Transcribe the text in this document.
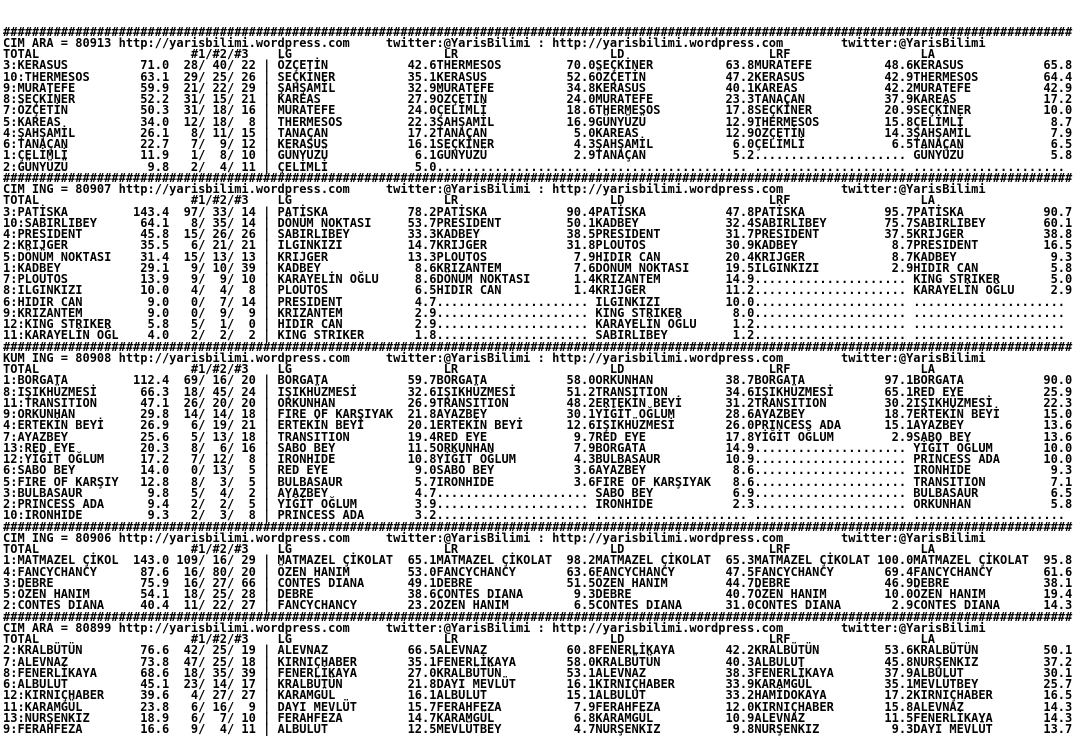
####################################################################################################################################################
CIM ARA = 80913 http://yarisbilimi.wordpress.com     twitter:@YarisBilimi : http://yarisbilimi.wordpress.com        twitter:@YarisBilimi
TOTAL                     #1/#2/#3    LG                     LR                     LD                    LRF                  LA
3:KERASUS          71.0  28/ 40/ 22 | ÖZÇETİN           42.6THERMESOS         70.0SEÇKİNER          63.8MURATEFE          48.6KERASUS           65.8
10:THERMESOS       63.1  29/ 25/ 26 | SEÇKİNER          35.1KERASUS           52.6ÖZÇETİN           47.2KERASUS           42.9THERMESOS         64.4
9:MURATEFE         59.9  21/ 22/ 29 | ŞAHŞAMİL          32.9MURATEFE          34.8KERASUS           40.1KAREAS            42.2MURATEFE          42.9
8:SEÇKİNER         52.2  31/ 15/ 21 | KAREAS            27.9ÖZÇETİN           24.0MURATEFE          23.3TANAÇAN           37.9KAREAS            17.2
7:ÖZÇETİN          50.3  31/ 18/ 16 | MURATEFE          24.0ÇELİMLİ           18.6THERMESOS         17.8SEÇKİNER          20.9SEÇKİNER          10.0
5:KAREAS           34.0  12/ 18/  8 | THERMESOS         22.3ŞAHŞAMİL          16.9GÜNYÜZÜ           12.9THERMESOS         15.8ÇELİMLİ            8.7
4:ŞAHŞAMİL         26.1   8/ 11/ 15 | TANAÇAN           17.2TANAÇAN            5.0KAREAS            12.9ÖZÇETİN           14.3ŞAHŞAMİL           7.9
6:TANAÇAN          22.7   7/  9/ 12 | KERASUS           16.1SEÇKİNER           4.3ŞAHŞAMİL           6.0ÇELİMLİ            6.5TANAÇAN            6.5
1:ÇELİMLİ          11.9   1/  8/ 10 | GÜNYÜZÜ            6.1GÜNYÜZÜ            2.9TANAÇAN            5.2..................... GÜNYÜZÜ            5.8
2:GÜNYÜZÜ           9.8   2/  4/ 11 | ÇELİMLİ            5.0..................... ..................... ..................... .....................
####################################################################################################################################################
CIM ING = 80907 http://yarisbilimi.wordpress.com     twitter:@YarisBilimi : http://yarisbilimi.wordpress.com        twitter:@YarisBilimi
TOTAL                     #1/#2/#3    LG                     LR                     LD                    LRF                  LA
3:PATİSKA         143.4  97/ 33/ 14 | PATİSKA           78.2PATİSKA           90.4PATİSKA           47.8PATİSKA           95.7PATİSKA           90.7
10:SABIRLIBEY      64.1   8/ 35/ 14 | DÖNÜM NOKTASI     53.7PRESIDENT         50.1KADBEY            32.4SABIRLIBEY        75.7SABIRLIBEY        60.1
4:PRESIDENT        45.8  15/ 26/ 26 | SABIRLIBEY        33.3KADBEY            38.5PRESIDENT         31.7PRESIDENT         37.5KRIJGER           38.8
2:KRIJGER          35.5   6/ 21/ 21 | ILGINKIZI         14.7KRIJGER           31.8PLOUTOS           30.9KADBEY             8.7PRESIDENT         16.5
5:DÖNÜM NOKTASI    31.4  15/ 13/ 13 | KRIJGER           13.3PLOUTOS            7.9HIDIR CAN         20.4KRIJGER            8.7KADBEY             9.3
1:KADBEY           29.1   9/ 10/ 39 | KADBEY             8.6KRIZANTEM          7.6DÖNÜM NOKTASI     19.5ILGINKIZI          2.9HIDIR CAN          5.8
7:PLOUTOS          13.9   9/  9/ 10 | KARAYELİN OĞLU     8.6DÖNÜM NOKTASI      1.4KRIZANTEM         14.9..................... KING STRIKER       5.0
8:ILGINKIZI        10.0   4/  4/  8 | PLOUTOS            6.5HIDIR CAN          1.4KRIJGER           11.2..................... KARAYELİN OĞLU     2.9
6:HIDIR CAN         9.0   0/  7/ 14 | PRESIDENT          4.7..................... ILGINKIZI         10.0..................... .....................
9:KRIZANTEM         9.0   0/  9/  9 | KRIZANTEM          2.9..................... KING STRIKER       8.0..................... .....................
12:KING STRIKER     5.8   5/  1/  0 | HIDIR CAN          2.9..................... KARAYELİN OĞLU     1.2..................... .....................
11:KARAYELİN OĞL    4.0   2/  2/  2 | KING STRIKER       1.8..................... SABIRLIBEY         1.2..................... .....................
####################################################################################################################################################
KUM ING = 80908 http://yarisbilimi.wordpress.com     twitter:@YarisBilimi : http://yarisbilimi.wordpress.com        twitter:@YarisBilimi
TOTAL                     #1/#2/#3    LG                     LR                     LD                    LRF                  LA
1:BORGATA         112.4  69/ 16/ 20 | BORGATA           59.7BORGATA           58.0ORKUNHAN          38.7BORGATA           97.1BORGATA           90.0
8:IŞIKHÜZMESİ      66.3  18/ 45/ 24 | IŞIKHÜZMESİ       32.6IŞIKHÜZMESİ       51.2TRANSITION        34.6IŞIKHÜZMESİ       65.1RED EYE           25.9
11:TRANSITION      47.1  26/ 20/ 20 | ORKUNHAN          26.9TRANSITION        48.2ERTEKİN BEYİ      31.2TRANSITION        30.2IŞIKHÜZMESİ       22.3
9:ORKUNHAN         29.8  14/ 14/ 18 | FIRE OF KARŞIYAK  21.8AYAZBEY           30.1YİĞİT OĞLUM       28.6AYAZBEY           18.7ERTEKİN BEYİ      15.0
4:ERTEKİN BEYİ     26.9   6/ 19/ 21 | ERTEKİN BEYİ      20.1ERTEKİN BEYİ      12.6IŞIKHÜZMESİ       26.0PRINCESS ADA      15.1AYAZBEY           13.6
7:AYAZBEY          25.6   5/ 13/ 18 | TRANSITION        19.4RED EYE            9.7RED EYE           17.8YİĞİT OĞLUM        2.9SABO BEY          13.6
13:RED EYE         20.3   8/  6/ 16 | SABO BEY          11.5ORKUNHAN           7.9BORGATA           14.9..................... YİĞİT OĞLUM       10.0
12:YİĞİT OĞLUM     17.2   7/ 12/  8 | IRONHIDE          10.8YİĞİT OĞLUM        4.3BULBASAUR         10.9..................... PRINCESS ADA      10.0
6:SABO BEY         14.0   0/ 13/  5 | RED EYE            9.0SABO BEY           3.6AYAZBEY            8.6..................... IRONHIDE           9.3
5:FIRE OF KARŞIY   12.8   8/  3/  5 | BULBASAUR          5.7IRONHIDE           3.6FIRE OF KARŞIYAK   8.6..................... TRANSITION         7.1
3:BULBASAUR         9.8   5/  4/  2 | AYAZBEY            4.7..................... SABO BEY           6.9..................... BULBASAUR          6.5
2:PRINCESS ADA      9.4   2/  2/  5 | YİĞİT OĞLUM        3.9..................... IRONHIDE           2.3..................... ORKUNHAN           5.8
10:IRONHIDE         9.3   2/  3/  8 | PRINCESS ADA       3.2..................... ..................... ..................... .....................
####################################################################################################################################################
CIM ING = 80906 http://yarisbilimi.wordpress.com     twitter:@YarisBilimi : http://yarisbilimi.wordpress.com        twitter:@YarisBilimi
TOTAL                     #1/#2/#3    LG                     LR                     LD                    LRF                  LA
1:MATMAZEL ÇİKOL  143.0 109/ 16/ 29 | MATMAZEL ÇİKOLAT  65.1MATMAZEL ÇİKOLAT  98.2MATMAZEL ÇİKOLAT  65.3MATMAZEL ÇİKOLAT 100.0MATMAZEL ÇİKOLAT  95.8
4:FANCYCHANCY      87.6  16/ 80/ 20 | ÖZEN HANIM        53.0FANCYCHANCY       63.6FANCYCHANCY       47.5FANCYCHANCY       69.4FANCYCHANCY       61.6
3:DEBRE            75.9  16/ 27/ 66 | CONTES DIANA      49.1DEBRE             51.5ÖZEN HANIM        44.7DEBRE             46.9DEBRE             38.1
5:ÖZEN HANIM       54.1  18/ 25/ 28 | DEBRE             38.6CONTES DIANA       9.3DEBRE             40.7ÖZEN HANIM        10.0ÖZEN HANIM        19.4
2:CONTES DIANA     40.4  11/ 22/ 27 | FANCYCHANCY       23.2ÖZEN HANIM         6.5CONTES DIANA      31.0CONTES DIANA       2.9CONTES DIANA      14.3
####################################################################################################################################################
CIM ARA = 80899 http://yarisbilimi.wordpress.com     twitter:@YarisBilimi : http://yarisbilimi.wordpress.com        twitter:@YarisBilimi
TOTAL                     #1/#2/#3    LG                     LR                     LD                    LRF                  LA
2:KRALBÜTÜN        76.6  42/ 25/ 19 | ALEVNAZ           66.5ALEVNAZ           60.8FENERLİKAYA       42.2KRALBÜTÜN         53.6KRALBÜTÜN         50.1
7:ALEVNAZ          73.8  47/ 25/ 18 | KIRNIÇHABER       35.1FENERLİKAYA       58.0KRALBÜTÜN         40.3ALBULUT           45.8NURŞENKIZ         37.2
8:FENERLİKAYA      68.6  18/ 35/ 39 | FENERLİKAYA       27.0KRALBÜTÜN         53.1ALEVNAZ           38.3FENERLİKAYA       37.9ALBULUT           30.1
6:ALBULUT          45.1  23/ 14/ 17 | KRALBÜTÜN         21.8DAYI MEVLÜT       16.1KIRNIÇHABER       33.9KARAMGÜL          35.1MEVLÜTBEY         25.7
12:KIRNIÇHABER     39.6   4/ 27/ 27 | KARAMGÜL          16.1ALBULUT           15.1ALBULUT           33.2HAMİDOKAYA        17.2KIRNIÇHABER       16.5
11:KARAMGÜL        23.8   6/ 16/  9 | DAYI MEVLÜT       15.7FERAHFEZA          7.9FERAHFEZA         12.0KIRNIÇHABER       15.8ALEVNAZ           14.3
13:NURŞENKIZ       18.9   6/  7/ 10 | FERAHFEZA         14.7KARAMGÜL           6.8KARAMGÜL          10.9ALEVNAZ           11.5FENERLİKAYA       14.3
9:FERAHFEZA        16.6   9/  4/ 11 | ALBULUT           12.5MEVLÜTBEY          4.7NURŞENKIZ          9.8NURŞENKIZ          9.3DAYI MEVLÜT       13.7
